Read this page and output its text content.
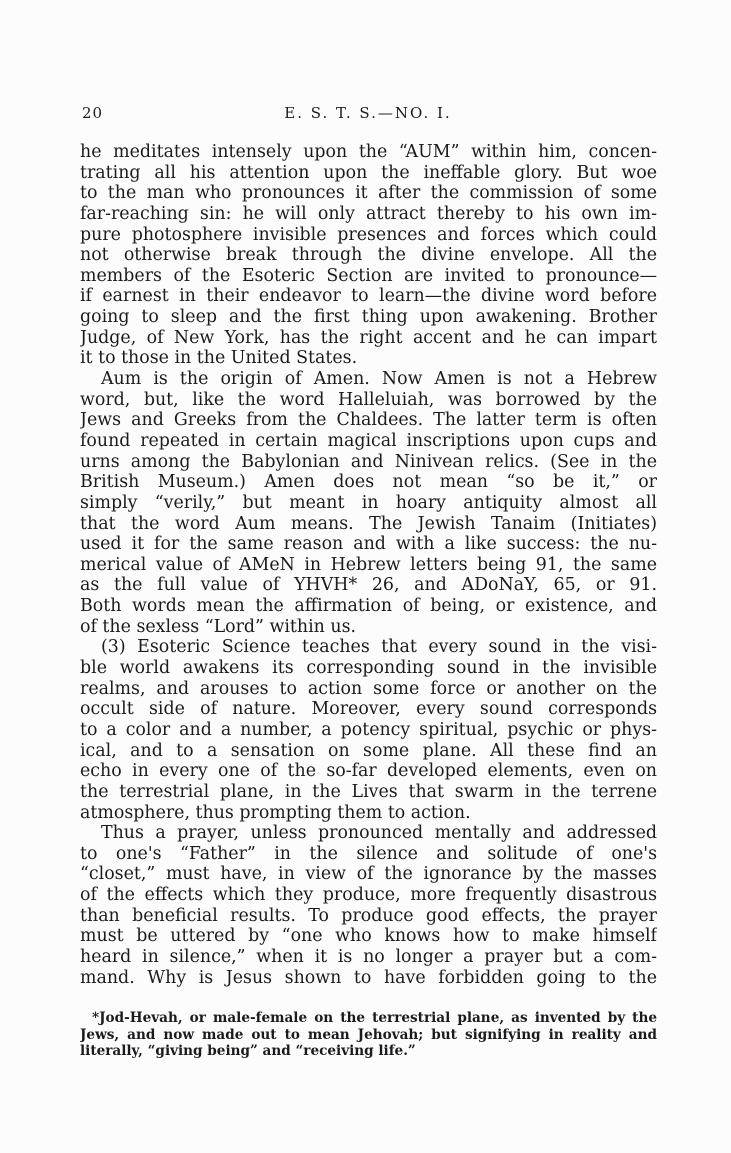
20	E. S. T. S.—NO. I.
he meditates intensely upon the “AUM” within him, concen-
trating all his attention upon the ineffable glory. But woe
to the man who pronounces it after the commission of some
far-reaching sin: he will only attract thereby to his own im-
pure photosphere invisible presences and forces which could
not otherwise break through the divine envelope. All the
members of the Esoteric Section are invited to pronounce—
if earnest in their endeavor to learn—the divine word before
going to sleep and the first thing upon awakening. Brother
Judge, of New York, has the right accent and he can impart
it to those in the United States.
Aum is the origin of Amen. Now Amen is not a Hebrew
word, but, like the word Halleluiah, was borrowed by the
Jews and Greeks from the Chaldees. The latter term is often
found repeated in certain magical inscriptions upon cups and
urns among the Babylonian and Ninivean relics. (See in the
British Museum.) Amen does not mean “so be it,” or
simply “verily,” but meant in hoary antiquity almost all
that the word Aum means. The Jewish Tanaim (Initiates)
used it for the same reason and with a like success: the nu-
merical value of AMeN in Hebrew letters being 91, the same
as the full value of YHVH* 26, and ADoNaY, 65, or 91.
Both words mean the affirmation of being, or existence, and
of the sexless “Lord” within us.
(3) Esoteric Science teaches that every sound in the visi-
ble world awakens its corresponding sound in the invisible
realms, and arouses to action some force or another on the
occult side of nature. Moreover, every sound corresponds
to a color and a number, a potency spiritual, psychic or phys-
ical, and to a sensation on some plane. All these find an
echo in every one of the so-far developed elements, even on
the terrestrial plane, in the Lives that swarm in the terrene
atmosphere, thus prompting them to action.
Thus a prayer, unless pronounced mentally and addressed
to one's “Father” in the silence and solitude of one's
“closet,” must have, in view of the ignorance by the masses
of the effects which they produce, more frequently disastrous
than beneficial results. To produce good effects, the prayer
must be uttered by “one who knows how to make himself
heard in silence,” when it is no longer a prayer but a com-
mand. Why is Jesus shown to have forbidden going to the
*Jod-Hevah, or male-female on the terrestrial plane, as invented by the
Jews, and now made out to mean Jehovah; but signifying in reality and
literally, “giving being” and “receiving life.”
